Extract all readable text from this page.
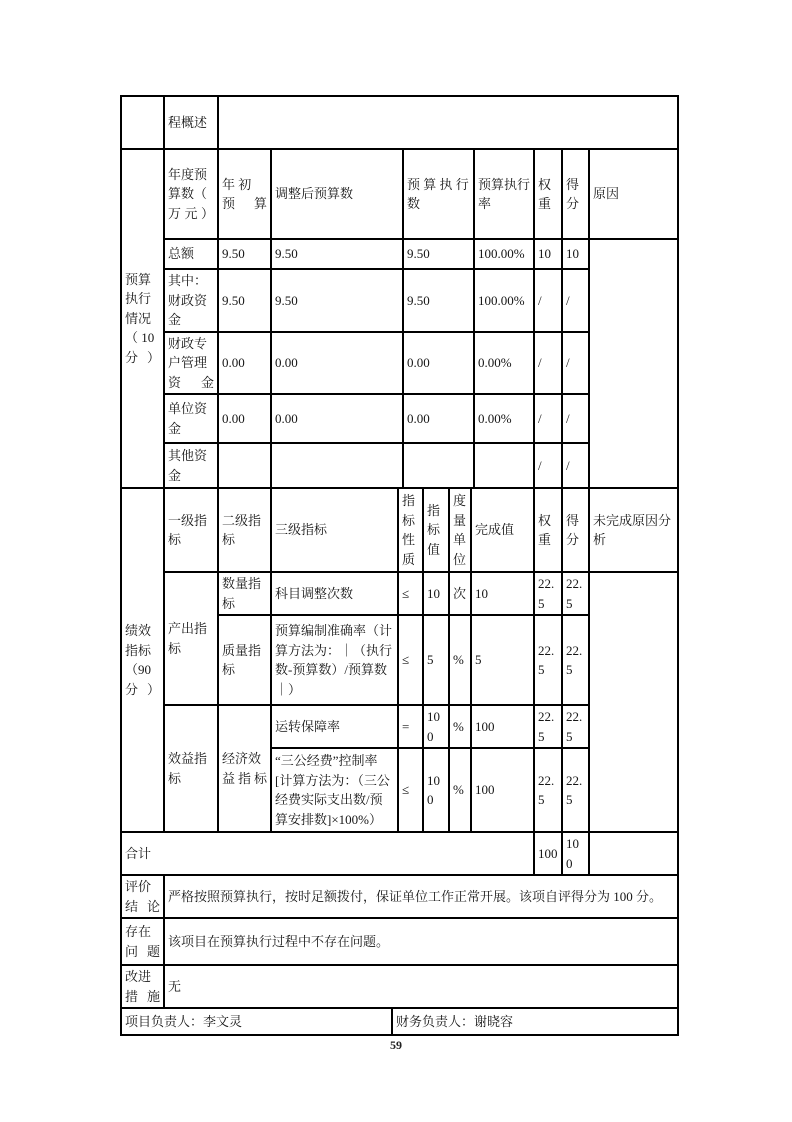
	程概述	
预算执行情况（ 10 分）	年度预算数（ 万元）	年 初 预算	调整后预算数	预 算 执 行数	预算执行率	权重	得分	原因
	总额	9.50	9.50	9.50	100.00%	10	10	
	其中：财政资金	9.50	9.50	9.50	100.00%	/	/	
	财政专户管理资金	0.00	0.00	0.00	0.00%	/	/	
	单位资金	0.00	0.00	0.00	0.00%	/	/	
	其他资金					/	/	
绩效指标（90 分）	一级指标	二级指标	三级指标	指标性质	指标值	度量单位	完成值	权重	得分	未完成原因分析
	产出指标	数量指标	科目调整次数	≤	10	次	10	22.5	22.5	
		质量指标	预算编制准确率（计算方法为：｜（执行数-预算数）/预算数｜）	≤	5	%	5	22.5	22.5	
	效益指标	经济效益指标	运转保障率	=	100	%	100	22.5	22.5	
			“三公经费”控制率[计算方法为：（三公经费实际支出数/预算安排数]×100%）	≤	100	%	100	22.5	22.5	
合计	100	100	
评价结论	严格按照预算执行，按时足额拨付，保证单位工作正常开展。该项自评得分为 100 分。
存在问题	该项目在预算执行过程中不存在问题。
改进措施	无
项目负责人：李文灵	财务负责人：谢晓容
59
